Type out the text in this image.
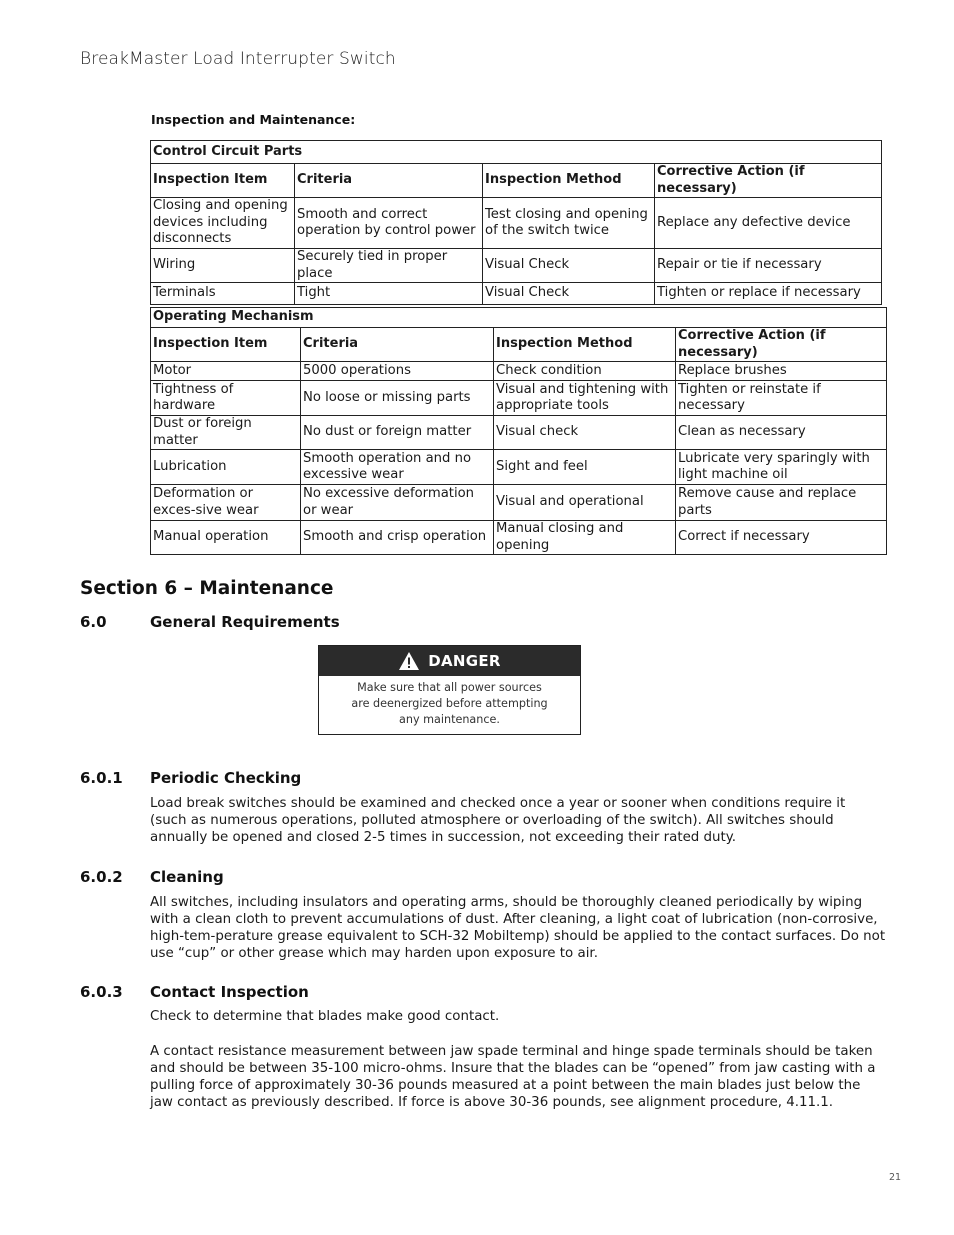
BreakMaster Load Interrupter Switch
Inspection and Maintenance:
Control Circuit Parts			
Inspection Item	Criteria	Inspection Method	Corrective Action (if necessary)
Closing and opening devices including disconnects	Smooth and correct operation by control power	Test closing and opening of the switch twice	Replace any defective device
Wiring	Securely tied in proper place	Visual Check	Repair or tie if necessary
Terminals	Tight	Visual Check	Tighten or replace if necessary
Operating Mechanism			
Inspection Item	Criteria	Inspection Method	Corrective Action (if necessary)
Motor	5000 operations	Check condition	Replace brushes
Tightness of hardware	No loose or missing parts	Visual and tightening with appropriate tools	Tighten or reinstate if necessary
Dust or foreign matter	No dust or foreign matter	Visual check	Clean as necessary
Lubrication	Smooth operation and no excessive wear	Sight and feel	Lubricate very sparingly with light machine oil
Deformation or exces-sive wear	No excessive deformation or wear	Visual and operational	Remove cause and replace parts
Manual operation	Smooth and crisp operation	Manual closing and opening	Correct if necessary
Section 6 – Maintenance
6.0	General Requirements
DANGER
Make sure that all power sources
are deenergized before attempting
any maintenance.
6.0.1 Periodic Checking
Load break switches should be examined and checked once a year or sooner when conditions require it (such as numerous operations, polluted atmosphere or overloading of the switch). All switches should annually be opened and closed 2-5 times in succession, not exceeding their rated duty.
6.0.2 Cleaning
All switches, including insulators and operating arms, should be thoroughly cleaned periodically by wiping with a clean cloth to prevent accumulations of dust. After cleaning, a light coat of lubrication (non-corrosive, high-tem-perature grease equivalent to SCH-32 Mobiltemp) should be applied to the contact surfaces. Do not use “cup” or other grease which may harden upon exposure to air.
6.0.3 Contact Inspection
Check to determine that blades make good contact.
A contact resistance measurement between jaw spade terminal and hinge spade terminals should be taken and should be between 35-100 micro-ohms. Insure that the blades can be “opened” from jaw casting with a pulling force of approximately 30-36 pounds measured at a point between the main blades just below the jaw contact as previously described. If force is above 30-36 pounds, see alignment procedure, 4.11.1.
21
